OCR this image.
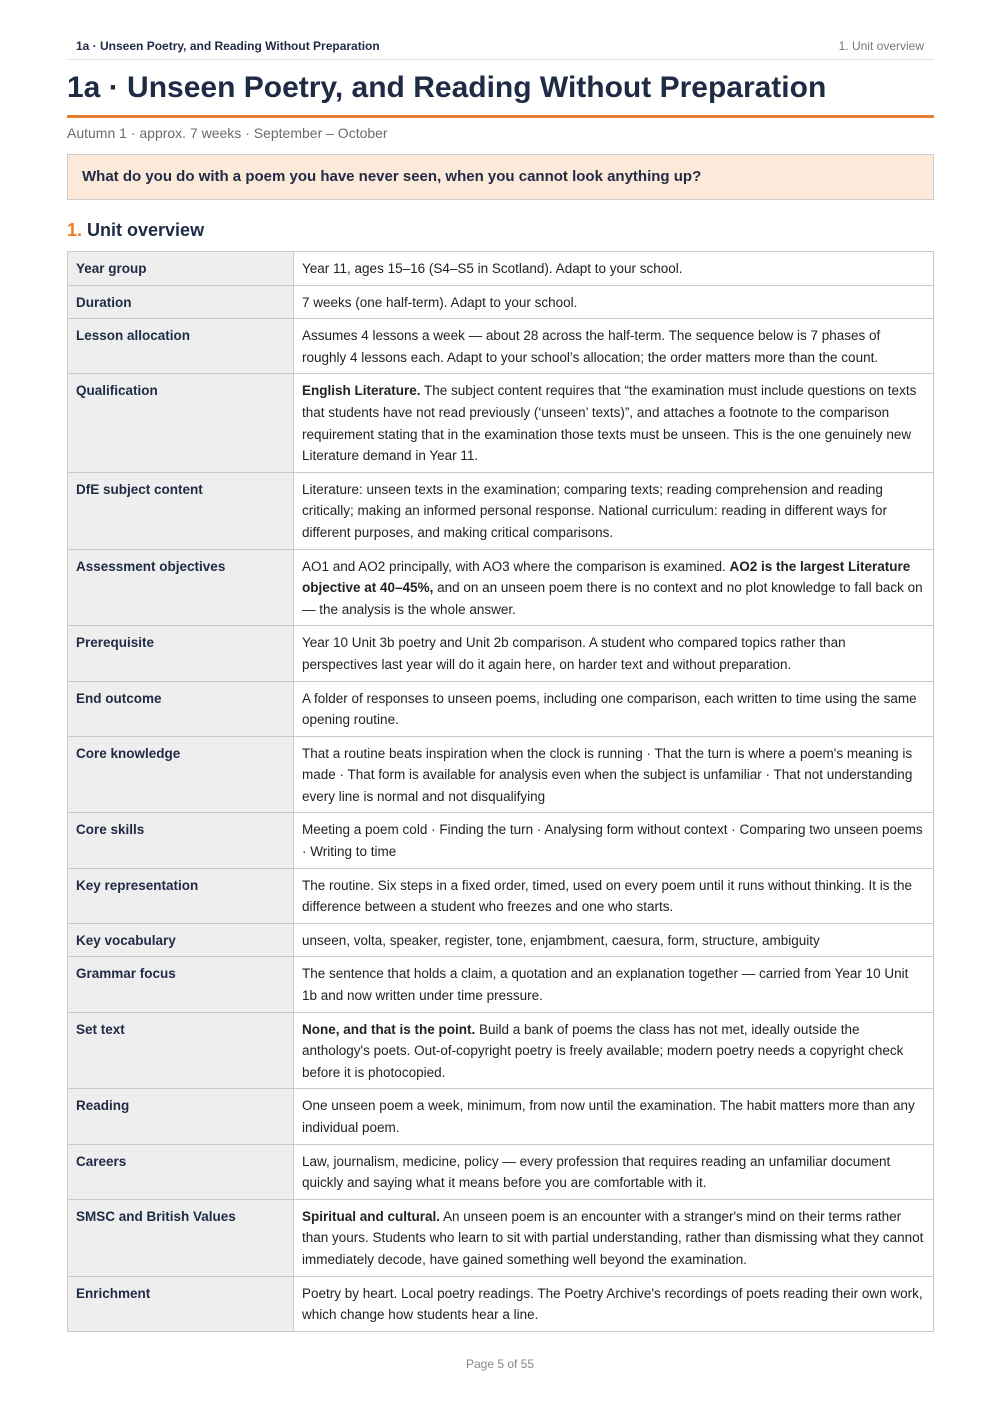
1a · Unseen Poetry, and Reading Without Preparation	1. Unit overview
1a · Unseen Poetry, and Reading Without Preparation
Autumn 1 · approx. 7 weeks · September – October
What do you do with a poem you have never seen, when you cannot look anything up?
1. Unit overview
Year group	Year 11, ages 15–16 (S4–S5 in Scotland). Adapt to your school.
Duration	7 weeks (one half-term). Adapt to your school.
Lesson allocation	Assumes 4 lessons a week — about 28 across the half-term. The sequence below is 7 phases of roughly 4 lessons each. Adapt to your school’s allocation; the order matters more than the count.
Qualification	English Literature. The subject content requires that “the examination must include questions on texts that students have not read previously (‘unseen’ texts)”, and attaches a footnote to the comparison requirement stating that in the examination those texts must be unseen. This is the one genuinely new Literature demand in Year 11.
DfE subject content	Literature: unseen texts in the examination; comparing texts; reading comprehension and reading critically; making an informed personal response. National curriculum: reading in different ways for different purposes, and making critical comparisons.
Assessment objectives	AO1 and AO2 principally, with AO3 where the comparison is examined. AO2 is the largest Literature objective at 40–45%, and on an unseen poem there is no context and no plot knowledge to fall back on — the analysis is the whole answer.
Prerequisite	Year 10 Unit 3b poetry and Unit 2b comparison. A student who compared topics rather than perspectives last year will do it again here, on harder text and without preparation.
End outcome	A folder of responses to unseen poems, including one comparison, each written to time using the same opening routine.
Core knowledge	That a routine beats inspiration when the clock is running · That the turn is where a poem's meaning is made · That form is available for analysis even when the subject is unfamiliar · That not understanding every line is normal and not disqualifying
Core skills	Meeting a poem cold · Finding the turn · Analysing form without context · Comparing two unseen poems · Writing to time
Key representation	The routine. Six steps in a fixed order, timed, used on every poem until it runs without thinking. It is the difference between a student who freezes and one who starts.
Key vocabulary	unseen, volta, speaker, register, tone, enjambment, caesura, form, structure, ambiguity
Grammar focus	The sentence that holds a claim, a quotation and an explanation together — carried from Year 10 Unit 1b and now written under time pressure.
Set text	None, and that is the point. Build a bank of poems the class has not met, ideally outside the anthology's poets. Out-of-copyright poetry is freely available; modern poetry needs a copyright check before it is photocopied.
Reading	One unseen poem a week, minimum, from now until the examination. The habit matters more than any individual poem.
Careers	Law, journalism, medicine, policy — every profession that requires reading an unfamiliar document quickly and saying what it means before you are comfortable with it.
SMSC and British Values	Spiritual and cultural. An unseen poem is an encounter with a stranger's mind on their terms rather than yours. Students who learn to sit with partial understanding, rather than dismissing what they cannot immediately decode, have gained something well beyond the examination.
Enrichment	Poetry by heart. Local poetry readings. The Poetry Archive's recordings of poets reading their own work, which change how students hear a line.
Page 5 of 55
